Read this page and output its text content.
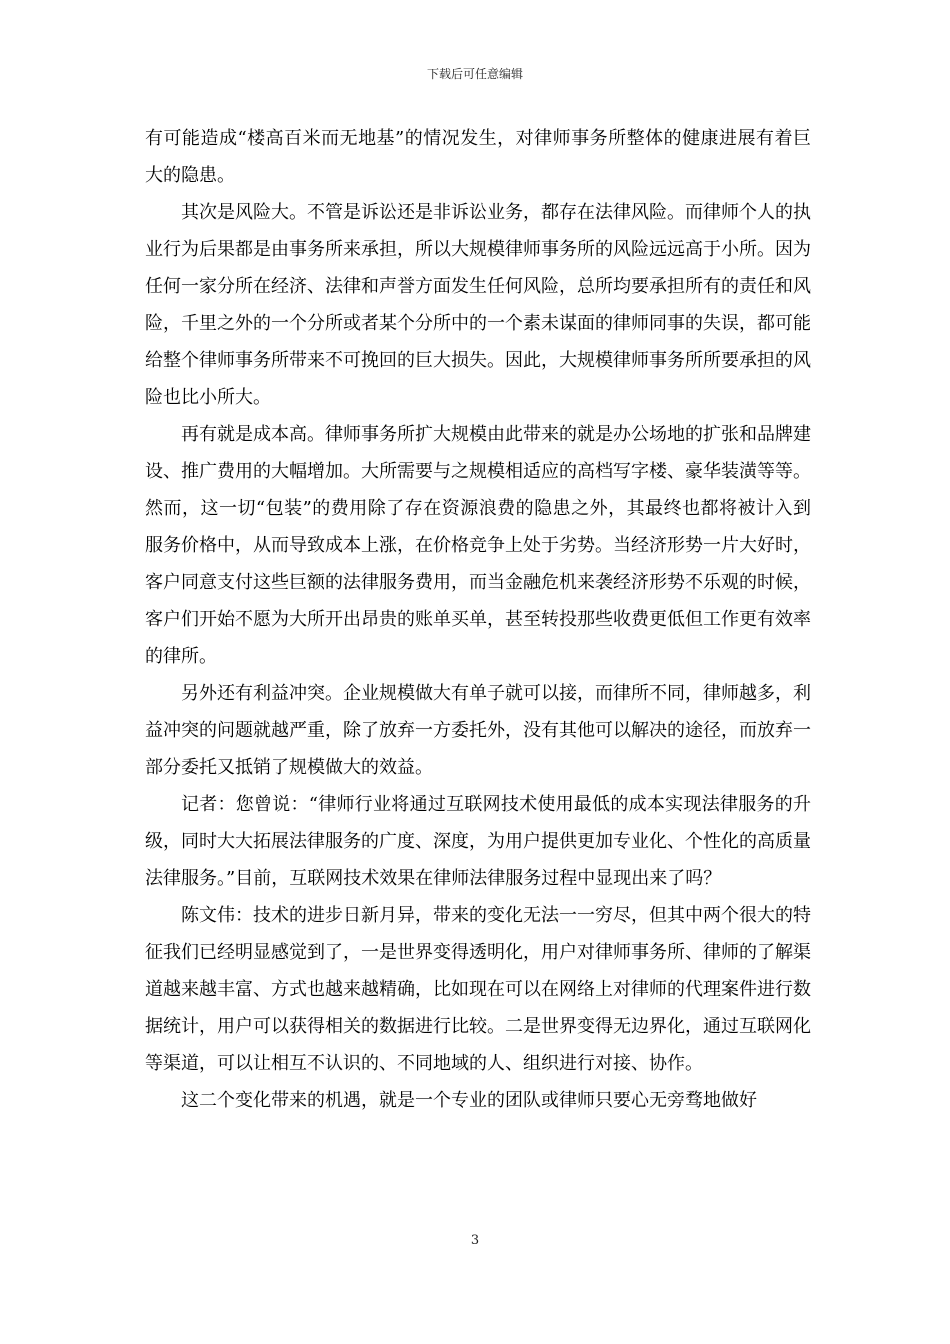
下载后可任意编辑

有可能造成“楼高百米而无地基”的情况发生，对律师事务所整体的健康进展有着巨大的隐患。

其次是风险大。不管是诉讼还是非诉讼业务，都存在法律风险。而律师个人的执业行为后果都是由事务所来承担，所以大规模律师事务所的风险远远高于小所。因为任何一家分所在经济、法律和声誉方面发生任何风险，总所均要承担所有的责任和风险，千里之外的一个分所或者某个分所中的一个素未谋面的律师同事的失误，都可能给整个律师事务所带来不可挽回的巨大损失。因此，大规模律师事务所所要承担的风险也比小所大。

再有就是成本高。律师事务所扩大规模由此带来的就是办公场地的扩张和品牌建设、推广费用的大幅增加。大所需要与之规模相适应的高档写字楼、豪华装潢等等。然而，这一切“包装”的费用除了存在资源浪费的隐患之外，其最终也都将被计入到服务价格中，从而导致成本上涨，在价格竞争上处于劣势。当经济形势一片大好时，客户同意支付这些巨额的法律服务费用，而当金融危机来袭经济形势不乐观的时候，客户们开始不愿为大所开出昂贵的账单买单，甚至转投那些收费更低但工作更有效率的律所。

另外还有利益冲突。企业规模做大有单子就可以接，而律所不同，律师越多，利益冲突的问题就越严重，除了放弃一方委托外，没有其他可以解决的途径，而放弃一部分委托又抵销了规模做大的效益。

记者：您曾说：“律师行业将通过互联网技术使用最低的成本实现法律服务的升级，同时大大拓展法律服务的广度、深度，为用户提供更加专业化、个性化的高质量法律服务。”目前，互联网技术效果在律师法律服务过程中显现出来了吗？

陈文伟：技术的进步日新月异，带来的变化无法一一穷尽，但其中两个很大的特征我们已经明显感觉到了，一是世界变得透明化，用户对律师事务所、律师的了解渠道越来越丰富、方式也越来越精确，比如现在可以在网络上对律师的代理案件进行数据统计，用户可以获得相关的数据进行比较。二是世界变得无边界化，通过互联网化等渠道，可以让相互不认识的、不同地域的人、组织进行对接、协作。

这二个变化带来的机遇，就是一个专业的团队或律师只要心无旁骛地做好

3
